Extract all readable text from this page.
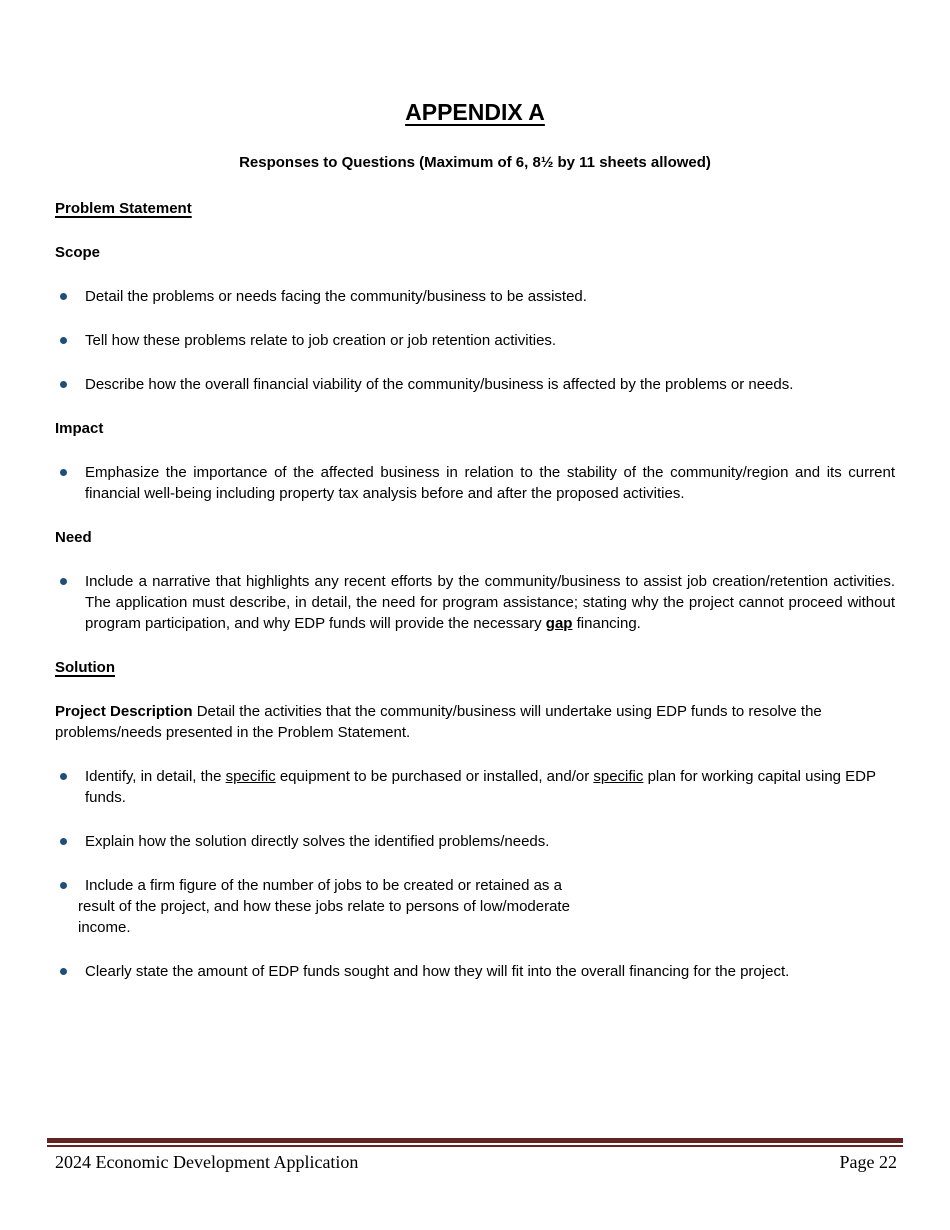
APPENDIX A

Responses to Questions (Maximum of 6, 8½ by 11 sheets allowed)

Problem Statement
Scope
Detail the problems or needs facing the community/business to be assisted.
Tell how these problems relate to job creation or job retention activities.
Describe how the overall financial viability of the community/business is affected by the problems or needs.
Impact
Emphasize the importance of the affected business in relation to the stability of the community/region and its current financial well-being including property tax analysis before and after the proposed activities.
Need
Include a narrative that highlights any recent efforts by the community/business to assist job creation/retention activities. The application must describe, in detail, the need for program assistance; stating why the project cannot proceed without program participation, and why EDP funds will provide the necessary gap financing.
Solution

Project Description Detail the activities that the community/business will undertake using EDP funds to resolve the problems/needs presented in the Problem Statement.

Identify, in detail, the specific equipment to be purchased or installed, and/or specific plan for working capital using EDP funds.
Explain how the solution directly solves the identified problems/needs.
Include a firm figure of the number of jobs to be created or retained as a
result of the project, and how these jobs relate to persons of low/moderate
income.
Clearly state the amount of EDP funds sought and how they will fit into the overall financing for the project.
2024 Economic Development Application	Page 22
